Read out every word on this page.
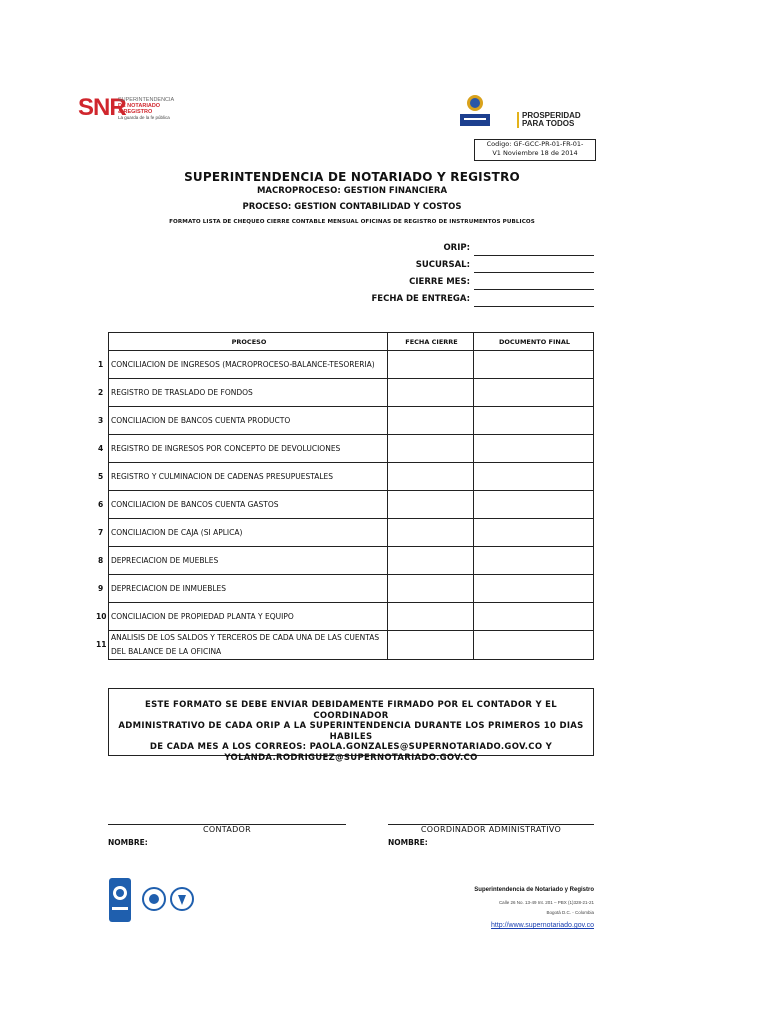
SNR
SUPERINTENDENCIA
DE NOTARIADO
& REGISTRO
La guarda de la fe pública	PROSPERIDAD
PARA TODOS
Codigo: GF-GCC-PR-01-FR-01-
V1 Noviembre 18 de 2014
SUPERINTENDENCIA DE NOTARIADO Y REGISTRO
MACROPROCESO: GESTION FINANCIERA
PROCESO: GESTION CONTABILIDAD Y COSTOS
FORMATO LISTA DE CHEQUEO CIERRE CONTABLE MENSUAL OFICINAS DE REGISTRO DE INSTRUMENTOS PUBLICOS
ORIP:
SUCURSAL:
CIERRE MES:
FECHA DE ENTREGA:
PROCESO	FECHA CIERRE	DOCUMENTO FINAL

1 CONCILIACION DE INGRESOS (MACROPROCESO-BALANCE-TESORERIA)		

2 REGISTRO DE TRASLADO DE FONDOS		

3 CONCILIACION DE BANCOS CUENTA PRODUCTO		

4 REGISTRO DE INGRESOS POR CONCEPTO DE DEVOLUCIONES		

5 REGISTRO Y CULMINACION DE CADENAS PRESUPUESTALES		

6 CONCILIACION DE BANCOS CUENTA GASTOS		

7 CONCILIACION DE CAJA (SI APLICA)		

8 DEPRECIACION DE MUEBLES		

9 DEPRECIACION DE INMUEBLES		

10 CONCILIACION DE PROPIEDAD PLANTA Y EQUIPO		

11
ANALISIS DE LOS SALDOS Y TERCEROS DE CADA UNA DE LAS CUENTAS DEL BALANCE DE LA OFICINA		
ESTE FORMATO SE DEBE ENVIAR DEBIDAMENTE FIRMADO POR EL CONTADOR Y EL COORDINADOR
ADMINISTRATIVO DE CADA ORIP A LA SUPERINTENDENCIA DURANTE LOS PRIMEROS 10 DIAS HABILES
DE CADA MES A LOS CORREOS: PAOLA.GONZALES@SUPERNOTARIADO.GOV.CO Y
YOLANDA.RODRIGUEZ@SUPERNOTARIADO.GOV.CO
CONTADOR
NOMBRE:
COORDINADOR ADMINISTRATIVO
NOMBRE:
Superintendencia de Notariado y Registro
Calle 26 No. 13-49 Int. 201 – PBX (1)328-21-21
Bogotá D.C. - Colombia
http://www.supernotariado.gov.co
